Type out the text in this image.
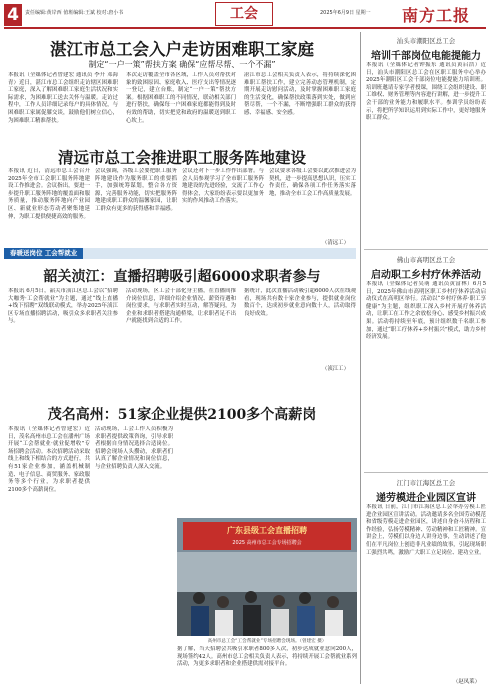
4	责任编辑:黄岸西 值班编辑:王斌 校对:唐小书	工会	2025年6月9日 星期一 南方工报
湛江市总工会入户走访困难职工家庭
制定“一户一策”帮扶方案 确保“应帮尽帮、一个不漏”
本报讯（全媒体记者曾建宏 通讯员 李升 邓海青）近日，湛江市总工会组织走访辖区困难职工家庭，深入了解困难职工家庭生活状况和实际需求，为困难职工送去关怀与温暖。走访过程中，工作人员详细记录每户的具体情况，与困难职工家属促膝交谈，鼓励他们树立信心，为困难职工精准帮扶。
本次走访覆盖全市各区域，工作人员对帮扶对象的致困原因、家庭收入、医疗支出等情况逐一登记，建立台账，制定“一户一策”帮扶方案。根据困难职工的不同情况，联动相关部门进行帮扶，确保每一户困难家庭都能得到及时有效的帮助，切实把党和政府的温暖送到职工心坎上。
湛江市总工会相关负责人表示，将持续深化困难职工帮扶工作，建立完善动态管理机制，定期开展走访慰问活动，及时掌握困难职工家庭的生活变化，确保帮扶政策落到实处，做到应帮尽帮，一个不漏，不断增强职工群众的获得感、幸福感、安全感。
清远市总工会推进职工服务阵地建设
本报讯 近日，清远市总工会召开2025年全市工会职工服务阵地建设工作推进会。会议指出，要进一步提升职工服务阵地的覆盖面和服务质量，推动服务阵地向产业园区、新就业形态劳动者聚集地延伸，为职工提供便捷高效的服务。
会议强调，各级工会要把职工服务阵地建设作为服务职工的重要抓手，加强统筹谋划，整合各方资源，完善服务功能，切实把服务阵地建成职工群众的温馨家园，让职工群众有更多的获得感和幸福感。
会议还对下一步工作作出部署。与会人员参观学习了全市职工服务阵地建设的先进经验，交流了工作心得体会，大家纷纷表示要以更加务实的作风推动工作落实。
会议要求各级工会要以此次推进会为契机，进一步提高思想认识，压实工作责任，确保各项工作任务落实落地，推动全市工会工作高质量发展。
（清远工）
春暖送岗位 工会帮就业
韶关浈江：直播招聘吸引超6000求职者参与
本报讯 6月5日，韶关市浈江区总工会以“招聘大咖秀·工会帮就业”为主题，通过“线上直播+线下招聘”双线联动模式，举办2025年浈江区专场直播招聘活动，吸引众多求职者关注参与。
活动现场，区工会干部化身主播，在直播间推介岗位信息，详细介绍企业情况、薪资待遇和岗位要求，与求职者实时互动，解答疑问，为企业和求职者搭建沟通桥梁，让求职者足不出户就能找到合适的工作。
据统计，此次直播活动吸引超6000人次在线观看，现场共有数十家企业参与，提供就业岗位数百个，达成初步就业意向数十人，活动取得良好成效。
（浈江工）
茂名高州：51家企业提供2100多个高薪岗
本报讯（全媒体记者曾建宏）近日，茂名高州市总工会在潘州广场开展“工会帮就业·就业促增收”专场招聘会活动。本次招聘活动采取线上和线下相结合的方式进行，共有51家企业参加，涵盖机械制造、电子信息、商贸服务、家政服务等多个行业，为求职者提供2100多个高薪岗位。
活动现场，工会工作人员积极为求职者提供政策咨询，引导求职者根据自身情况选择合适岗位。招聘会现场人头攒动，求职者们认真了解企业情况和岗位信息，与企业招聘负责人深入交流。
据了解，当天招聘会共吸引求职者800多人次，初步达成就业意向200人，现场签约42人。高州市总工会相关负责人表示，将持续开展工会帮就业系列活动，为更多求职者和企业搭建供需对接平台。
广东县级工会直播招聘
2025 高州市总工会专场招聘会
高州市总工会“工会帮就业”专场招聘会现场。（曾建宏 摄）
汕头市潮阳区总工会
培训千部岗位电能提能力
本报讯（全媒体记者钟振东 通讯员黄启浩）近日，汕头市潮阳区总工会在区职工服务中心举办2025年潮阳区工会千部岗位电能提能力培训班。培训班邀请专家学者授课，围绕工会组织建设、职工维权、财务管理等内容进行讲解，进一步提升工会干部的业务能力和履职水平。参训学员纷纷表示，将把所学知识运用到实际工作中，更好地服务职工群众。
佛山市高明区总工会
启动职工乡村疗休养活动
本报讯（全媒体记者吴萌 通讯员黄富林）6月5日，2025年佛山市高明区职工乡村疗休养活动启动仪式在高明区举行。活动以“乡村疗休养·职工享健康”为主题，组织职工深入乡村开展疗休养活动，让职工在工作之余放松身心、感受乡村振兴成果。活动将持续至年底，预计组织数千名职工参加，通过“职工疗休养+乡村振兴”模式，助力乡村经济发展。
江门市江海区总工会
递劳模进企业园区宣讲
本报讯 日前，江门市江海区总工会举办劳模工匠进企业园区宣讲活动。活动邀请多名全国劳动模范和省级劳模走进企业园区，讲述自身奋斗历程和工作经验，弘扬劳模精神、劳动精神和工匠精神。宣讲会上，劳模们以身边人讲身边事，生动讲述了他们在平凡岗位上创造非凡业绩的故事，引起现场职工强烈共鸣，激励广大职工立足岗位、建功立业。
（赵凤莱）
